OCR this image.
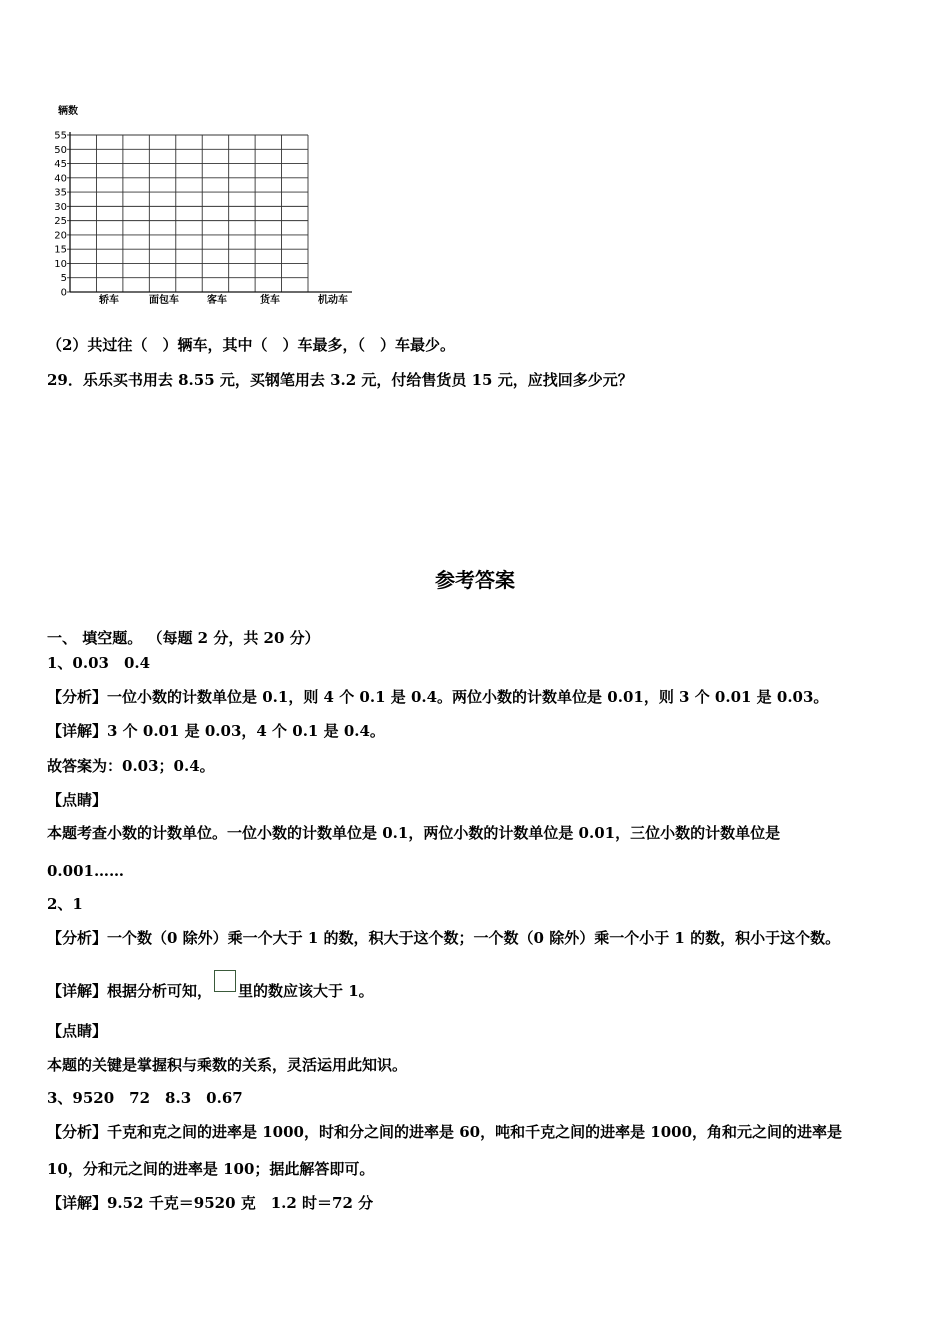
辆数
0
5
10
15
20
25
30
35
40
45
50
55
轿车	面包车	客车	货车	机动车
（2）共过往（　）辆车，其中（　）车最多，（　）车最少。
29．乐乐买书用去 8.55 元，买钢笔用去 3.2 元，付给售货员 15 元，应找回多少元？
参考答案
一、 填空题。 （每题 2 分，共 20 分）
1、0.03　0.4
【分析】一位小数的计数单位是 0.1，则 4 个 0.1 是 0.4。两位小数的计数单位是 0.01，则 3 个 0.01 是 0.03。
【详解】3 个 0.01 是 0.03，4 个 0.1 是 0.4。
故答案为：0.03；0.4。
【点睛】
本题考查小数的计数单位。一位小数的计数单位是 0.1，两位小数的计数单位是 0.01，三位小数的计数单位是
0.001……
2、1
【分析】一个数（0 除外）乘一个大于 1 的数，积大于这个数；一个数（0 除外）乘一个小于 1 的数，积小于这个数。
【详解】根据分析可知， 里的数应该大于 1。
【点睛】
本题的关键是掌握积与乘数的关系，灵活运用此知识。
3、9520　72　8.3　0.67
【分析】千克和克之间的进率是 1000，时和分之间的进率是 60，吨和千克之间的进率是 1000，角和元之间的进率是
10，分和元之间的进率是 100；据此解答即可。
【详解】9.52 千克＝9520 克　1.2 时＝72 分
